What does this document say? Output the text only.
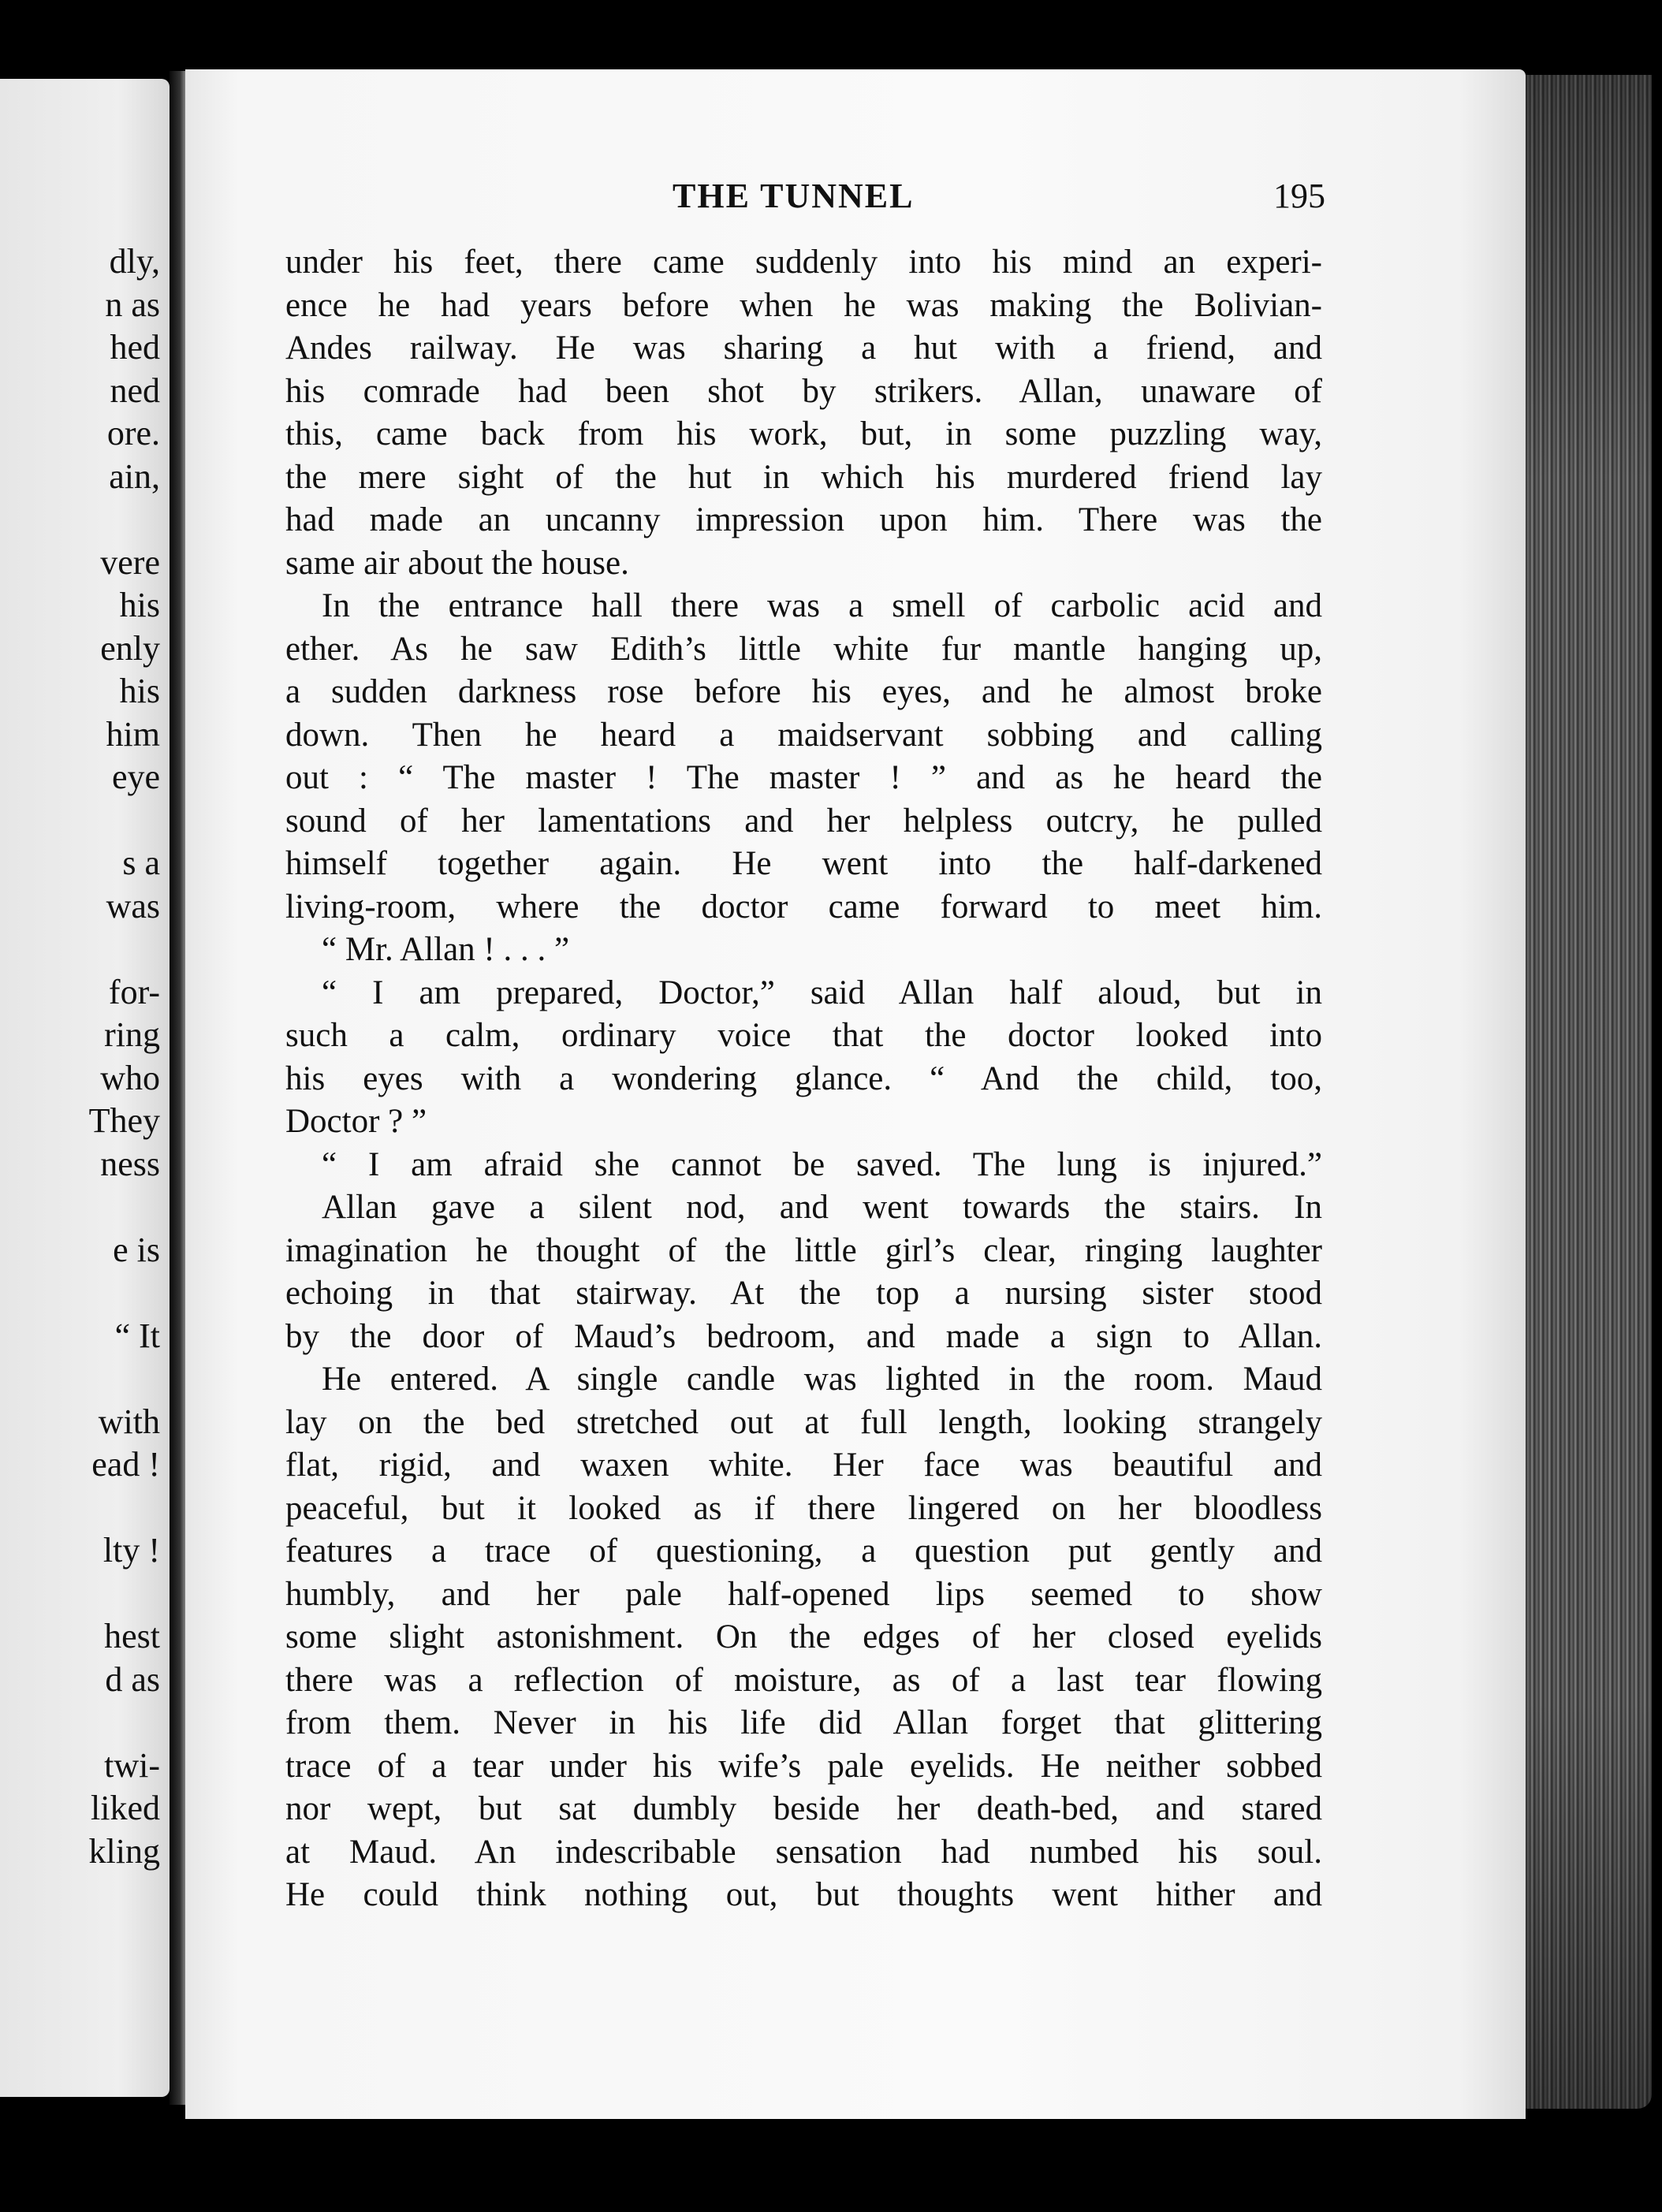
dly,
n as
hed
ned
ore.
ain,
vere
his
enly
his
him
eye
s a
was
for-
ring
who
They
ness
e is
“ It
with
ead !
lty !
hest
d as
twi-
liked
kling
THE TUNNEL	195
under his feet, there came suddenly into his mind an experi-
ence he had years before when he was making the Bolivian-
Andes railway. He was sharing a hut with a friend, and
his comrade had been shot by strikers. Allan, unaware of
this, came back from his work, but, in some puzzling way,
the mere sight of the hut in which his murdered friend lay
had made an uncanny impression upon him. There was the
same air about the house.
In the entrance hall there was a smell of carbolic acid and
ether. As he saw Edith’s little white fur mantle hanging up,
a sudden darkness rose before his eyes, and he almost broke
down. Then he heard a maidservant sobbing and calling
out : “ The master ! The master ! ” and as he heard the
sound of her lamentations and her helpless outcry, he pulled
himself together again. He went into the half-darkened
living-room, where the doctor came forward to meet him.
“ Mr. Allan ! . . . ”
“ I am prepared, Doctor,” said Allan half aloud, but in
such a calm, ordinary voice that the doctor looked into
his eyes with a wondering glance. “ And the child, too,
Doctor ? ”
“ I am afraid she cannot be saved. The lung is injured.”
Allan gave a silent nod, and went towards the stairs. In
imagination he thought of the little girl’s clear, ringing laughter
echoing in that stairway. At the top a nursing sister stood
by the door of Maud’s bedroom, and made a sign to Allan.
He entered. A single candle was lighted in the room. Maud
lay on the bed stretched out at full length, looking strangely
flat, rigid, and waxen white. Her face was beautiful and
peaceful, but it looked as if there lingered on her bloodless
features a trace of questioning, a question put gently and
humbly, and her pale half-opened lips seemed to show
some slight astonishment. On the edges of her closed eyelids
there was a reflection of moisture, as of a last tear flowing
from them. Never in his life did Allan forget that glittering
trace of a tear under his wife’s pale eyelids. He neither sobbed
nor wept, but sat dumbly beside her death-bed, and stared
at Maud. An indescribable sensation had numbed his soul.
He could think nothing out, but thoughts went hither and
